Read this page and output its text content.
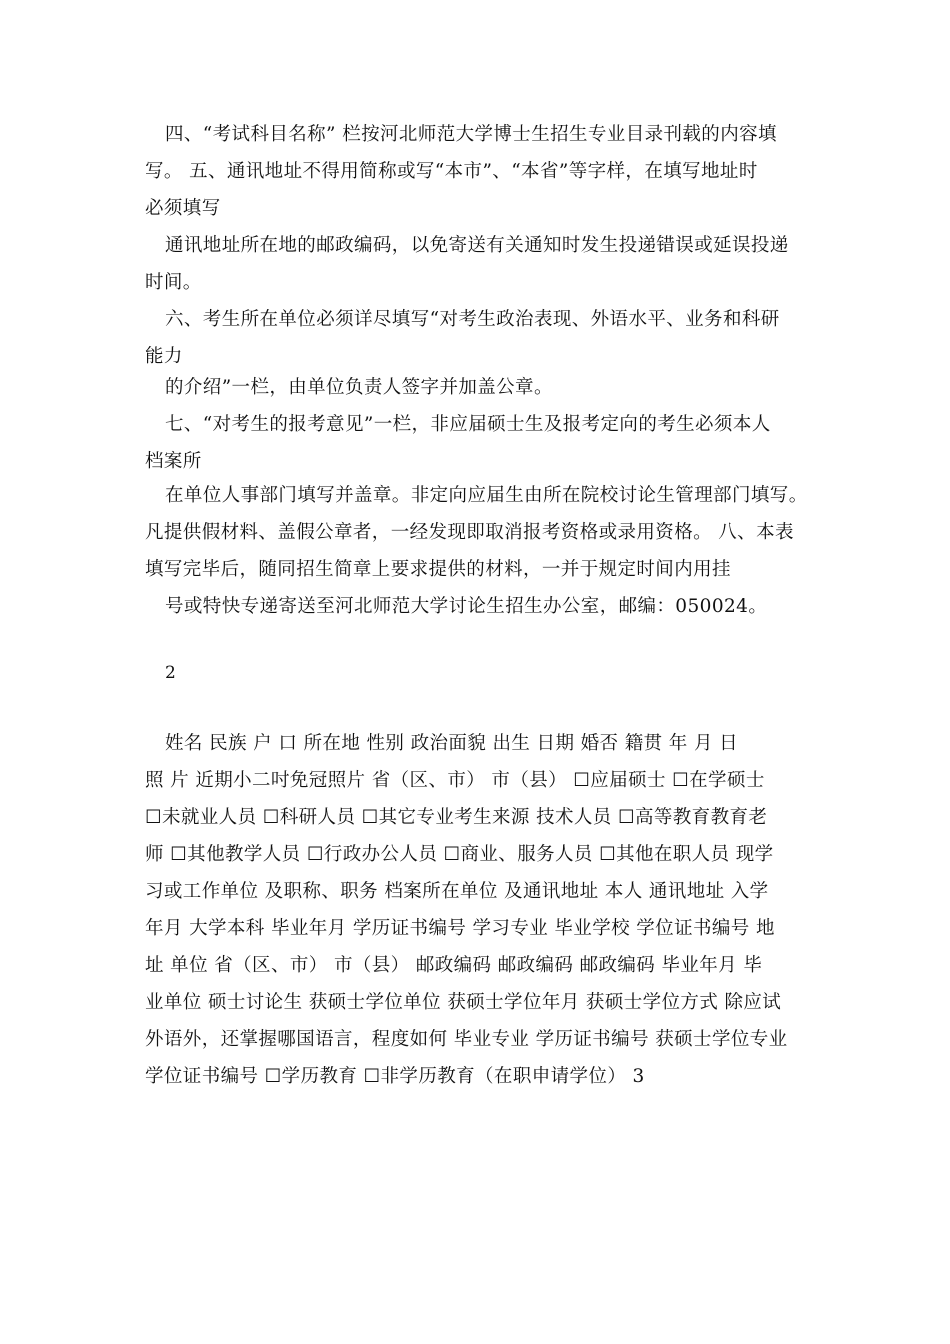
四、“考试科目名称” 栏按河北师范大学博士生招生专业目录刊载的内容填
写。 五、通讯地址不得用简称或写“本市”、“本省”等字样，在填写地址时
必须填写
通讯地址所在地的邮政编码，以免寄送有关通知时发生投递错误或延误投递
时间。
六、考生所在单位必须详尽填写“对考生政治表现、外语水平、业务和科研
能力
的介绍”一栏，由单位负责人签字并加盖公章。
七、“对考生的报考意见”一栏，非应届硕士生及报考定向的考生必须本人
档案所
在单位人事部门填写并盖章。非定向应届生由所在院校讨论生管理部门填写。
凡提供假材料、盖假公章者，一经发现即取消报考资格或录用资格。 八、本表
填写完毕后，随同招生简章上要求提供的材料，一并于规定时间内用挂
号或特快专递寄送至河北师范大学讨论生招生办公室，邮编：050024。
2
姓名 民族 户 口 所在地 性别 政治面貌 出生 日期 婚否 籍贯 年 月 日
照 片 近期小二吋免冠照片 省（区、市） 市（县） ☐应届硕士 ☐在学硕士
☐未就业人员 ☐科研人员 ☐其它专业考生来源 技术人员 ☐高等教育教育老
师 ☐其他教学人员 ☐行政办公人员 ☐商业、服务人员 ☐其他在职人员 现学
习或工作单位 及职称、职务 档案所在单位 及通讯地址 本人 通讯地址 入学
年月 大学本科 毕业年月 学历证书编号 学习专业 毕业学校 学位证书编号 地
址 单位 省（区、市） 市（县） 邮政编码 邮政编码 邮政编码 毕业年月 毕
业单位 硕士讨论生 获硕士学位单位 获硕士学位年月 获硕士学位方式 除应试
外语外，还掌握哪国语言，程度如何 毕业专业 学历证书编号 获硕士学位专业
学位证书编号 ☐学历教育 ☐非学历教育（在职申请学位） 3
